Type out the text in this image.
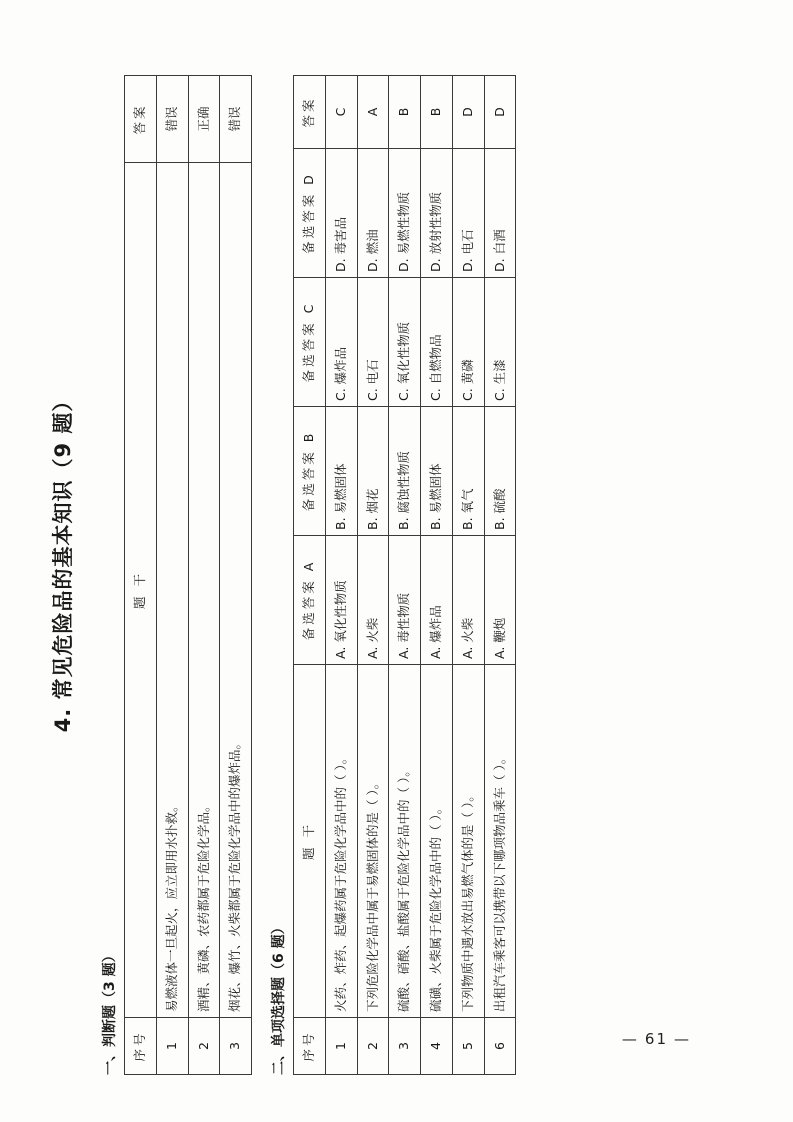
4. 常见危险品的基本知识（9 题）
一、判断题（3 题） 序号	题 干	答案
1	易燃液体一旦起火，应立即用水扑救。	错误
2	酒精、黄磷、农药都属于危险化学品。	正确
3	烟花、爆竹、火柴都属于危险化学品中的爆炸品。	错误
二、单项选择题（6 题） 序号	题 干	备选答案 A	备选答案 B	备选答案 C	备选答案 D	答案
1	火药、炸药、起爆药属于危险化学品中的（ ）。	A. 氧化性物质	B. 易燃固体	C. 爆炸品	D. 毒害品	C
2	下列危险化学品中属于易燃固体的是（ ）。	A. 火柴	B. 烟花	C. 电石	D. 燃油	A
3	硫酸、硝酸、盐酸属于危险化学品中的（ ）。	A. 毒性物质	B. 腐蚀性物质	C. 氧化性物质	D. 易燃性物质	B
4	硫磺、火柴属于危险化学品中的（ ）。	A. 爆炸品	B. 易燃固体	C. 自燃物品	D. 放射性物质	B
5	下列物质中遇水放出易燃气体的是（ ）。	A. 火柴	B. 氧气	C. 黄磷	D. 电石	D
6	出租汽车乘客可以携带以下哪项物品乘车（ ）。	A. 鞭炮	B. 硫酸	C. 生漆	D. 白酒	D
— 61 —
